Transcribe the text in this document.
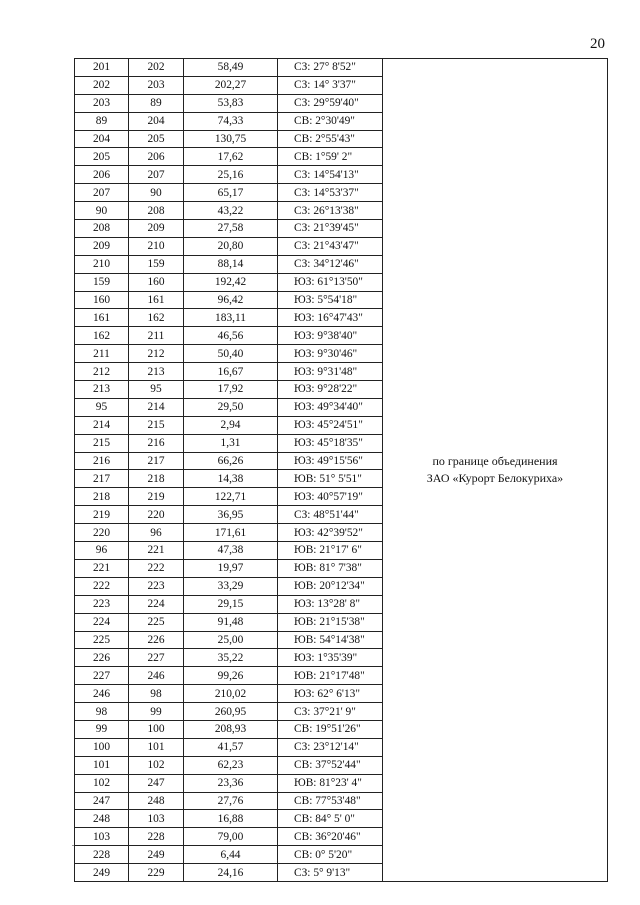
20
201	202	58,49	СЗ: 27° 8'52"	по границе объединения
ЗАО «Курорт Белокуриха»

202	203	202,27	СЗ: 14° 3'37"	
203	89	53,83	СЗ: 29°59'40"	
89	204	74,33	СВ: 2°30'49"	
204	205	130,75	СВ: 2°55'43"	
205	206	17,62	СВ: 1°59' 2"	
206	207	25,16	СЗ: 14°54'13"	
207	90	65,17	СЗ: 14°53'37"	
90	208	43,22	СЗ: 26°13'38"	
208	209	27,58	СЗ: 21°39'45"	
209	210	20,80	СЗ: 21°43'47"	
210	159	88,14	СЗ: 34°12'46"	
159	160	192,42	ЮЗ: 61°13'50"	
160	161	96,42	ЮЗ: 5°54'18"	
161	162	183,11	ЮЗ: 16°47'43"	
162	211	46,56	ЮЗ: 9°38'40"	
211	212	50,40	ЮЗ: 9°30'46"	
212	213	16,67	ЮЗ: 9°31'48"	
213	95	17,92	ЮЗ: 9°28'22"	
95	214	29,50	ЮЗ: 49°34'40"	
214	215	2,94	ЮЗ: 45°24'51"	
215	216	1,31	ЮЗ: 45°18'35"	
216	217	66,26	ЮЗ: 49°15'56"	
217	218	14,38	ЮВ: 51° 5'51"	
218	219	122,71	ЮЗ: 40°57'19"	
219	220	36,95	СЗ: 48°51'44"	
220	96	171,61	ЮЗ: 42°39'52"	
96	221	47,38	ЮВ: 21°17' 6"	
221	222	19,97	ЮВ: 81° 7'38"	
222	223	33,29	ЮВ: 20°12'34"	
223	224	29,15	ЮЗ: 13°28' 8"	
224	225	91,48	ЮВ: 21°15'38"	
225	226	25,00	ЮВ: 54°14'38"	
226	227	35,22	ЮЗ: 1°35'39"	
227	246	99,26	ЮВ: 21°17'48"	
246	98	210,02	ЮЗ: 62° 6'13"	
98	99	260,95	СЗ: 37°21' 9"	
99	100	208,93	СВ: 19°51'26"	
100	101	41,57	СЗ: 23°12'14"	
101	102	62,23	СВ: 37°52'44"	
102	247	23,36	ЮВ: 81°23' 4"	
247	248	27,76	СВ: 77°53'48"	
248	103	16,88	СВ: 84° 5' 0"	
103	228	79,00	СВ: 36°20'46"	
228	249	6,44	СВ: 0° 5'20"	
249	229	24,16	СЗ: 5° 9'13"	
